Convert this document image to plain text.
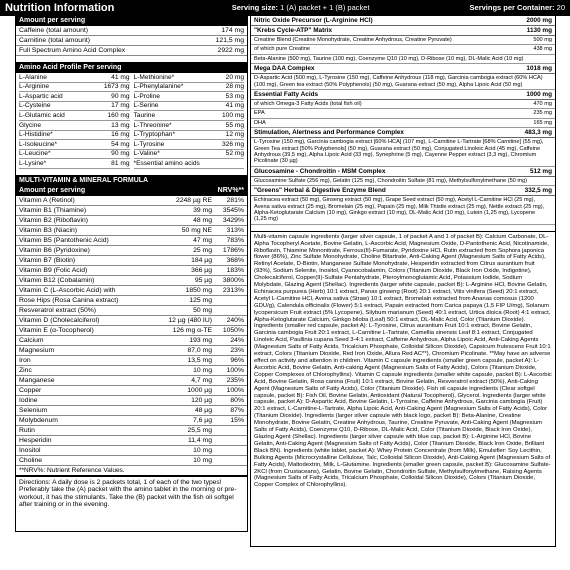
Nutrition Information	Serving size: 1 (A) packet + 1 (B) packet	Servings per Container: 20
Amount per serving
Caffeine (total amount)	174 mg
Carnitine (total amount)	121,5 mg
Full Spectrum Amino Acid Complex	2922 mg
Amino Acid Profile Per serving
L-Alanine	41 mg
L-Arginine	1673 mg
L-Aspartic acid	90 mg
L-Cysteine	17 mg
L-Glutamic acid	160 mg
Glycine	13 mg
L-Histidine*	16 mg
L-Isoleucine*	54 mg
L-Leucine*	90 mg
L-Lysine*	81 mg
L-Methionine*	20 mg
L-Phenylalanine*	28 mg
L-Proline	53 mg
L-Serine	41 mg
Taurine	100 mg
L-Threonine*	55 mg
L-Tryptophan*	12 mg
L-Tyrosine	326 mg
L-Valine*	52 mg
*Essential amino acids
MULTI-VITAMIN & MINERAL FORMULA
Amount per serving	NRV%**
Vitamin A (Retinol)	2248 µg RE	281%
Vitamin B1 (Thiamine)	39 mg	3545%
Vitamin B2 (Riboflavin)	48 mg	3429%
Vitamin B3 (Niacin)	50 mg NE	313%
Vitamin B5 (Pantothenic Acid)	47 mg	783%
Vitamin B6 (Pyridoxine)	25 mg	1786%
Vitamin B7 (Biotin)	184 µg	368%
Vitamin B9 (Folic Acid)	366 µg	183%
Vitamin B12 (Cobalamin)	95 µg	3800%
Vitamin C (L-Ascorbic Acid) with	1850 mg	2313%
Rose Hips (Rosa Canina extract)	125 mg
Resveratrol extract (50%)	50 mg
Vitamin D (Cholecalciferol)	12 µg (480 IU)	240%
Vitamin E (α-Tocopherol)	126 mg α-TE	1050%
Calcium	193 mg	24%
Magnesium	87,0 mg	23%
Iron	13,5 mg	96%
Zinc	10 mg	100%
Manganese	4,7 mg	235%
Copper	1000 µg	100%
Iodine	120 µg	80%
Selenium	48 µg	87%
Molybdenum	7,6 µg	15%
Rutin	25,5 mg
Hesperidin	11,4 mg
Inositol	10 mg
Choline	10 mg
**NRV%: Nutrient Reference Values.
Directions: A daily dose is 2 packets total, 1 of each of the two types! Preferably take the (A) packet with the amino tablet in the morning or pre-workout, it has the stimulants. Take the (B) packet with the fish oil softgel after training or in the evening.
Nitric Oxide Precursor (L-Arginine HCl)	2000 mg
"Krebs Cycle-ATP" Matrix	1130 mg
Creatine Blend (Creatine Monohydrate, Creatine Anhydrous, Creatine Pyruvate)	500 mg
of which pure Creatine	438 mg
Beta-Alanine (500 mg), Taurine (100 mg), Coenzyme Q10 (10 mg), D-Ribose (10 mg), DL-Malic Acid (10 mg)
Mega DAA Complex	1018 mg
D-Aspartic Acid (500 mg), L-Tyrosine (150 mg), Caffeine Anhydrous (118 mg), Garcinia cambogia extract (60% HCA) (100 mg), Green tea extract (50% Polyphenols) (50 mg), Guarana extract (50 mg), Alpha Lipoic Acid (50 mg)
Essential Fatty Acids	1000 mg
of which Omega-3 Fatty Acids (total fish oil)	470 mg
EPA	235 mg
DHA	165 mg
Stimulation, Alertness and Performance Complex	483,3 mg
L-Tyrosine (150 mg), Garcinia cambogia extract [60% HCA] (107 mg), L-Carnitine L-Tartrate [68% Carnitine] (55 mg), Green Tea extract [50% Polyphenols] (50 mg), Guarana extract (50 mg), Conjugated Linoleic Acid (45 mg), Caffeine Anhydrous (39,5 mg), Alpha Lipoic Acid (33 mg), Synephrine (5 mg), Cayenne Pepper extract (3,3 mg), Chromium Picolinate (30 µg)
Glucosamine - Chondroitin - MSM Complex	512 mg
Glucosamine Sulfate (256 mg), Gelatin (125 mg), Chondroitin Sulfate (81 mg), Methylsulfonylmethane (50 mg)
"Greens" Herbal & Digestive Enzyme Blend	332,5 mg
Echinacea extract (50 mg), Ginseng extract (50 mg), Grape Seed extract (50 mg), Acetyl L-Carnitine HCl (25 mg), Avena sativa extract (25 mg), Bromelain (25 mg), Papain (25 mg), Milk Thistle extract (25 mg), Nettle extract (25 mg), Alpha-Ketoglutarate Calcium (10 mg), Ginkgo extract (10 mg), DL-Malic Acid (10 mg), Lutein (1,25 mg), Lycopene (1,25 mg)
Multi-vitamin capsule ingredients (larger silver capsule, 1 of packet A and 1 of packet B): Calcium Carbonate, DL-Alpha Tocopheryl Acetate, Bovine Gelatin, L-Ascorbic Acid, Magnesium Oxide, D-Pantothenic Acid, Nicotinamide, Riboflavin, Thiamine Mononitrate, Ferrous(II)-Fumarate, Pyridoxine HCl, Rutin extracted from Sophora japonica flower (86%), Zinc Sulfate Monohydrate, Choline Bitartrate, Anti-Caking Agent (Magnesium Salts of Fatty Acids), Retinyl Acetate, D-Biotin, Manganese Sulfate Monohydrate, Hesperidin extracted from Citrus aurantium fruit (93%), Sodium Selenite, Inositol, Cyanocobalamin, Colors (Titanium Dioxide, Black Iron Oxide, Indigotine), Cholecalciferol, Copper(II)-Sulfate Pentahydrate, Pteroylmonoglutamic Acid, Potassium Iodide, Sodium Molybdate, Glazing Agent (Shellac). Ingredients (larger white capsule, packet B): L-Arginine HCl, Bovine Gelatin, Echinacea purpurea (Herb) 10:1 extract, Panax ginseng (Root) 20:1 extract, Vitis vinifera (Seed) 20:1 extract, Acetyl L-Carnitine HCl, Avena sativa (Straw) 10:1 extract, Bromelain extracted from Ananas comosus (1200 GDU/g), Calendula officinalis (Flower) 5:1 extract, Papain extracted from Carica papaya (1,5 FIP U/mg), Solanum lycopersicum Fruit extract (5% Lycopene), Silybum marianum (Seed) 40:1 extract, Urtica dioica (Root) 4:1 extract, Alpha-Ketoglutarate Calcium, Ginkgo biloba (Leaf) 50:1 extract, DL-Malic Acid, Color (Titanium Dioxide). Ingredients (smaller red capsule, packet A): L-Tyrosine, Citrus aurantium Fruit 10:1 extract, Bovine Gelatin, Garcinia cambogia Fruit 20:1 extract, L-Carnitine L-Tartrate, Camellia sinensis Leaf 8:1 extract, Conjugated Linoleic Acid, Paullinia cupana Seed 3-4:1 extract, Caffeine Anhydrous, Alpha Lipoic Acid, Anti-Caking Agents (Magnesium Salts of Fatty Acids, Tricalcium Phosphate, Colloidal Silicon Dioxide), Capsicum frutescens Fruit 10:1 extract, Colors (Titanium Dioxide, Red Iron Oxide, Allura Red AC**), Chromium Picolinate. **May have an adverse effect on activity and attention in children. Vitamin C capsule ingredients (smaller green capsule, packet A): L-Ascorbic Acid, Bovine Gelatin, Anti-caking Agent (Magnesium Salts of Fatty Acids), Colors (Titanium Dioxide, Copper Complexes of Chlorophyllins). Vitamin C capsule ingredients (smaller white capsule, packet B): L-Ascorbic Acid, Bovine Gelatin, Rosa canina (Fruit) 10:1 extract, Bovine Gelatin, Resveratrol extract (50%), Anti-Caking Agent (Magnesium Salts of Fatty Acids), Color (Titanium Dioxide). Fish oil capsule ingredients (Clear softgel capsule, packet B): Fish Oil, Bovine Gelatin, Antioxidant (Natural Tocopherol), Glycerol. Ingredients (larger white capsule, packet A): D-Aspartic Acid, Bovine Gelatin, L-Tyrosine, Caffeine Anhydrous, Garcinia cambogia (Fruit) 20:1 extract, L-Carnitine-L-Tartrate, Alpha Lipoic Acid, Anti-Caking Agent (Magnesium Salts of Fatty Acids), Color (Titanium Dioxide). Ingredients (larger silver capsule with black logo, packet B): Beta-Alanine, Creatine Monohydrate, Bovine Gelatin, Creatine Anhydrous, Taurine, Creatine Pyruvate, Anti-Caking Agent (Magnesium Salts of Fatty Acids), Coenzyme Q10, D-Ribose, DL-Malic Acid, Color (Titanium Dioxide, Black Iron Oxide), Glazing Agent (Shellac). Ingredients (larger silver capsule with blue cap, packet B): L-Arginine HCl, Bovine Gelatin, Anti-Caking Agent (Magnesium Salts of Fatty Acids), Color (Titanium Dioxide, Black Iron Oxide, Brilliant Black BN). Ingredients (white tablet, packet A): Whey Protein Concentrate (from Milk), Emulsifier: Soy Lecithin, Bulking Agents (Microcrystalline Cellulose, Talc, Colloidal Silicon Dioxide), Anti-Caking Agent (Magnesium Salts of Fatty Acids), Maltodextrin, Milk, L-Glutamine. Ingredients (smaller green capsule, packet B): Glucosamine Sulfate-2KCl (from Crustaceans), Gelatin, Bovine Gelatin, Chondroitin Sulfate, Methylsulfonylmethane, Raising Agents (Magnesium Salts of Fatty Acids, Tricalcium Phosphate, Colloidal Silicon Dioxide), Colors (Titanium Dioxide, Copper Complex of Chlorophyllins).
